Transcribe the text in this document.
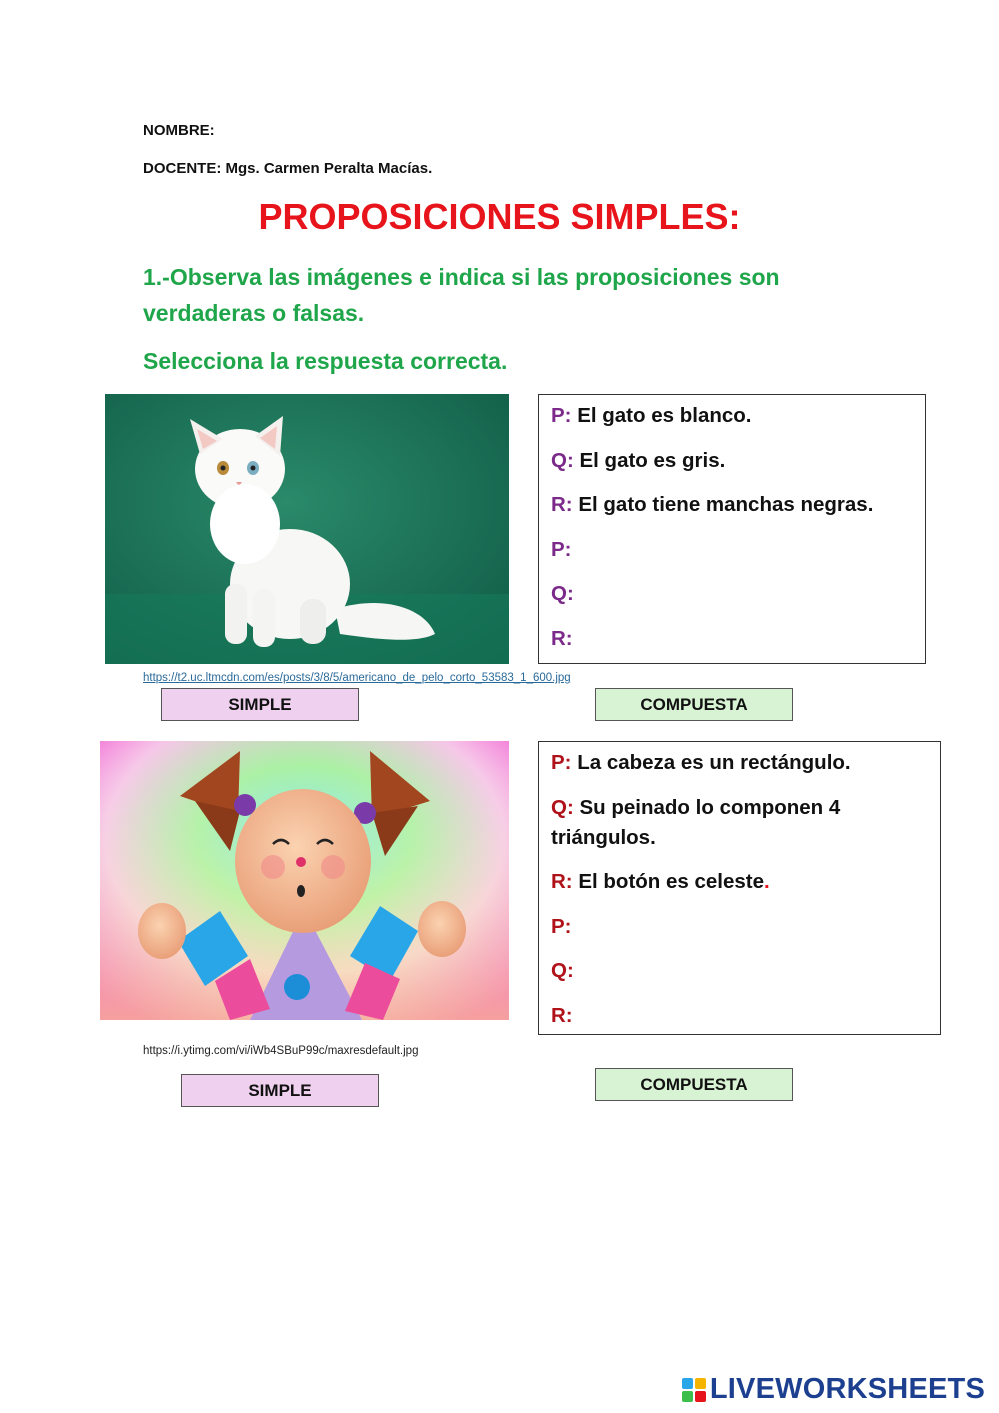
NOMBRE:
DOCENTE: Mgs. Carmen Peralta Macías.
PROPOSICIONES SIMPLES:
1.-Observa las imágenes e indica si las proposiciones son
verdaderas o falsas.
Selecciona la respuesta correcta.
P: El gato es blanco.
Q: El gato es gris.
R: El gato tiene manchas negras.
P:
Q:
R:
https://t2.uc.ltmcdn.com/es/posts/3/8/5/americano_de_pelo_corto_53583_1_600.jpg
SIMPLE	COMPUESTA
P: La cabeza es un rectángulo.
Q: Su peinado lo componen 4
triángulos.
R: El botón es celeste.
P:
Q:
R:
https://i.ytimg.com/vi/iWb4SBuP99c/maxresdefault.jpg
SIMPLE	COMPUESTA
LIVEWORKSHEETS
